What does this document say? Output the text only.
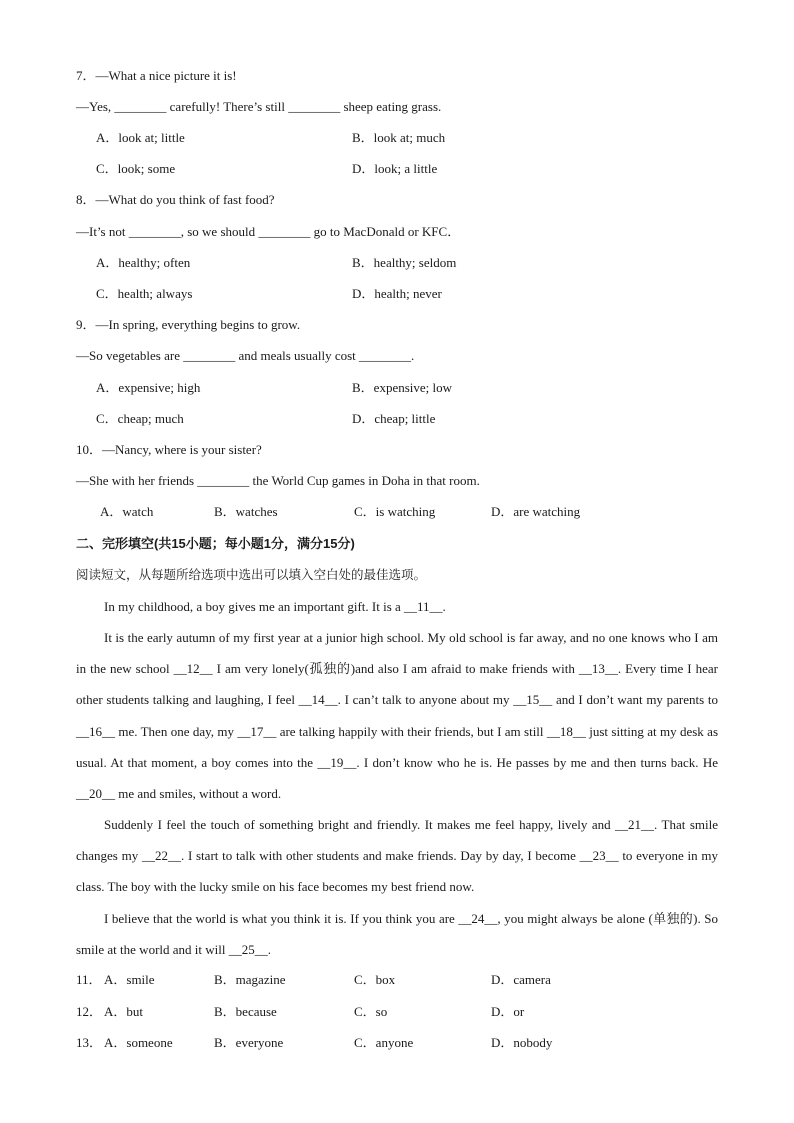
7．—What a nice picture it is!
—Yes, ________ carefully! There’s still ________ sheep eating grass.
A．look at; little	B．look at; much
C．look; some	D．look; a little
8．—What do you think of fast food?
—It’s not ________, so we should ________ go to MacDonald or KFC．
A．healthy; often	B．healthy; seldom
C．health; always	D．health; never
9．—In spring, everything begins to grow.
—So vegetables are ________ and meals usually cost ________.
A．expensive; high	B．expensive; low
C．cheap; much	D．cheap; little
10．—Nancy, where is your sister?
—She with her friends ________ the World Cup games in Doha in that room.
A．watch	B．watches	C．is watching	D．are watching
二、完形填空(共15小题；每小题1分，满分15分)
阅读短文，从每题所给选项中选出可以填入空白处的最佳选项。
In my childhood, a boy gives me an important gift. It is a __11__.
It is the early autumn of my first year at a junior high school. My old school is far away, and no one knows who I am in the new school __12__ I am very lonely(孤独的)and also I am afraid to make friends with __13__. Every time I hear other students talking and laughing, I feel __14__. I can’t talk to anyone about my __15__ and I don’t want my parents to __16__ me. Then one day, my __17__ are talking happily with their friends, but I am still __18__ just sitting at my desk as usual. At that moment, a boy comes into the __19__. I don’t know who he is. He passes by me and then turns back. He __20__ me and smiles, without a word.
Suddenly I feel the touch of something bright and friendly. It makes me feel happy, lively and __21__. That smile changes my __22__. I start to talk with other students and make friends. Day by day, I become __23__ to everyone in my class. The boy with the lucky smile on his face becomes my best friend now.
I believe that the world is what you think it is. If you think you are __24__, you might always be alone (单独的). So smile at the world and it will __25__.
11． A．smile	B．magazine	C．box	D．camera
12． A．but	B．because	C．so	D．or
13． A．someone	B．everyone	C．anyone	D．nobody
